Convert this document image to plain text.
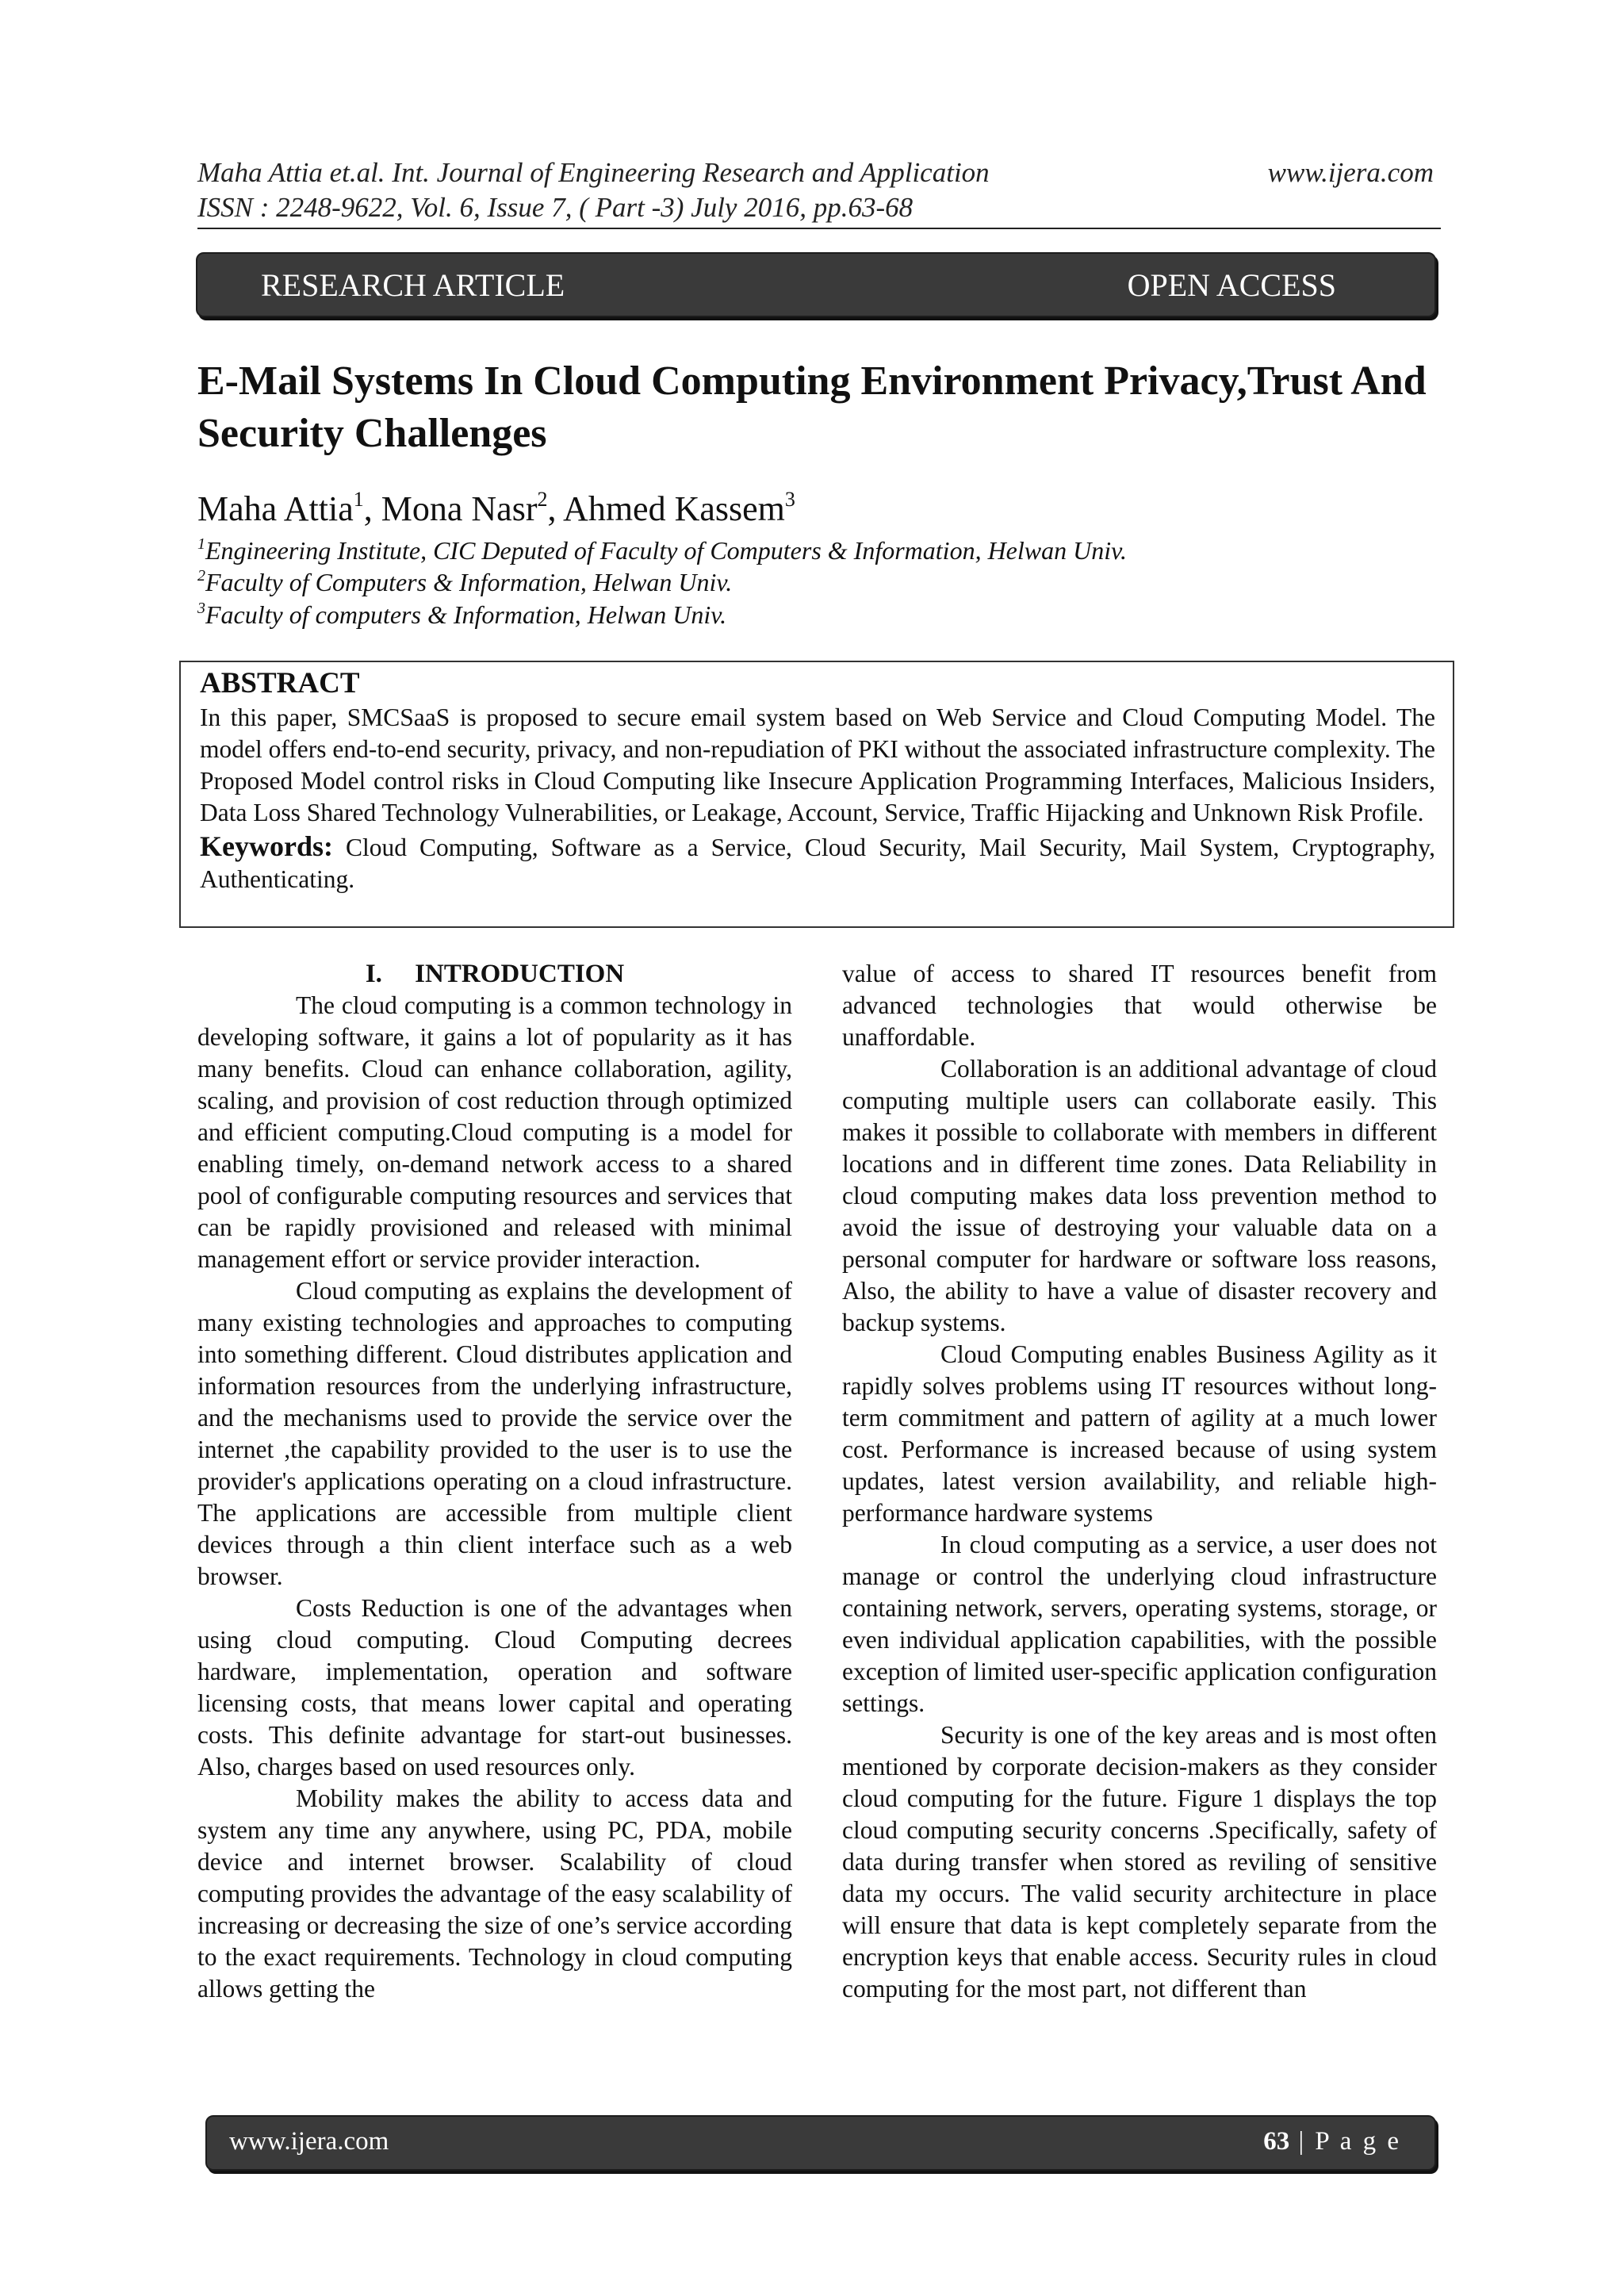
Maha Attia et.al. Int. Journal of Engineering Research and Application
ISSN : 2248-9622, Vol. 6, Issue 7, ( Part -3) July 2016, pp.63-68
www.ijera.com
RESEARCH ARTICLE	OPEN ACCESS
E-Mail Systems In Cloud Computing Environment Privacy,Trust And Security Challenges
Maha Attia$^1$, Mona Nasr$^2$, Ahmed Kassem$^3$
$^1$Engineering Institute, CIC Deputed of Faculty of Computers & Information, Helwan Univ.
$^2$Faculty of Computers & Information, Helwan Univ.
$^3$Faculty of computers & Information, Helwan Univ.
ABSTRACT
In this paper, SMCSaaS is proposed to secure email system based on Web Service and Cloud Computing Model. The model offers end-to-end security, privacy, and non-repudiation of PKI without the associated infrastructure complexity. The Proposed Model control risks in Cloud Computing like Insecure Application Programming Interfaces, Malicious Insiders, Data Loss Shared Technology Vulnerabilities, or Leakage, Account, Service, Traffic Hijacking and Unknown Risk Profile.
Keywords: Cloud Computing, Software as a Service, Cloud Security, Mail Security, Mail System, Cryptography, Authenticating.
I.     INTRODUCTION

The cloud computing is a common technology in developing software, it gains a lot of popularity as it has many benefits. Cloud can enhance collaboration, agility, scaling, and provision of cost reduction through optimized and efficient computing.Cloud computing is a model for enabling timely, on-demand network access to a shared pool of configurable computing resources and services that can be rapidly provisioned and released with minimal management effort or service provider interaction.

Cloud computing as explains the development of many existing technologies and approaches to computing into something different. Cloud distributes application and information resources from the underlying infrastructure, and the mechanisms used to provide the service over the internet ,the capability provided to the user is to use the provider's applications operating on a cloud infrastructure. The applications are accessible from multiple client devices through a thin client interface such as a web browser.

Costs Reduction is one of the advantages when using cloud computing. Cloud Computing decrees hardware, implementation, operation and software licensing costs, that means lower capital and operating costs. This definite advantage for start-out businesses. Also, charges based on used resources only.

Mobility makes the ability to access data and system any time any anywhere, using PC, PDA, mobile device and internet browser. Scalability of cloud computing provides the advantage of the easy scalability of increasing or decreasing the size of one’s service according to the exact requirements. Technology in cloud computing allows getting the

value of access to shared IT resources benefit from advanced technologies that would otherwise be unaffordable.

Collaboration is an additional advantage of cloud computing multiple users can collaborate easily. This makes it possible to collaborate with members in different locations and in different time zones. Data Reliability in cloud computing makes data loss prevention method to avoid the issue of destroying your valuable data on a personal computer for hardware or software loss reasons, Also, the ability to have a value of disaster recovery and backup systems.

Cloud Computing enables Business Agility as it rapidly solves problems using IT resources without long-term commitment and pattern of agility at a much lower cost. Performance is increased because of using system updates, latest version availability, and reliable high-performance hardware systems

In cloud computing as a service, a user does not manage or control the underlying cloud infrastructure containing network, servers, operating systems, storage, or even individual application capabilities, with the possible exception of limited user-specific application configuration settings.

Security is one of the key areas and is most often mentioned by corporate decision-makers as they consider cloud computing for the future. Figure 1 displays the top cloud computing security concerns .Specifically, safety of data during transfer when stored as reviling of sensitive data my occurs. The valid security architecture in place will ensure that data is kept completely separate from the encryption keys that enable access. Security rules in cloud computing for the most part, not different than

www.ijera.com	63 | P a g e
